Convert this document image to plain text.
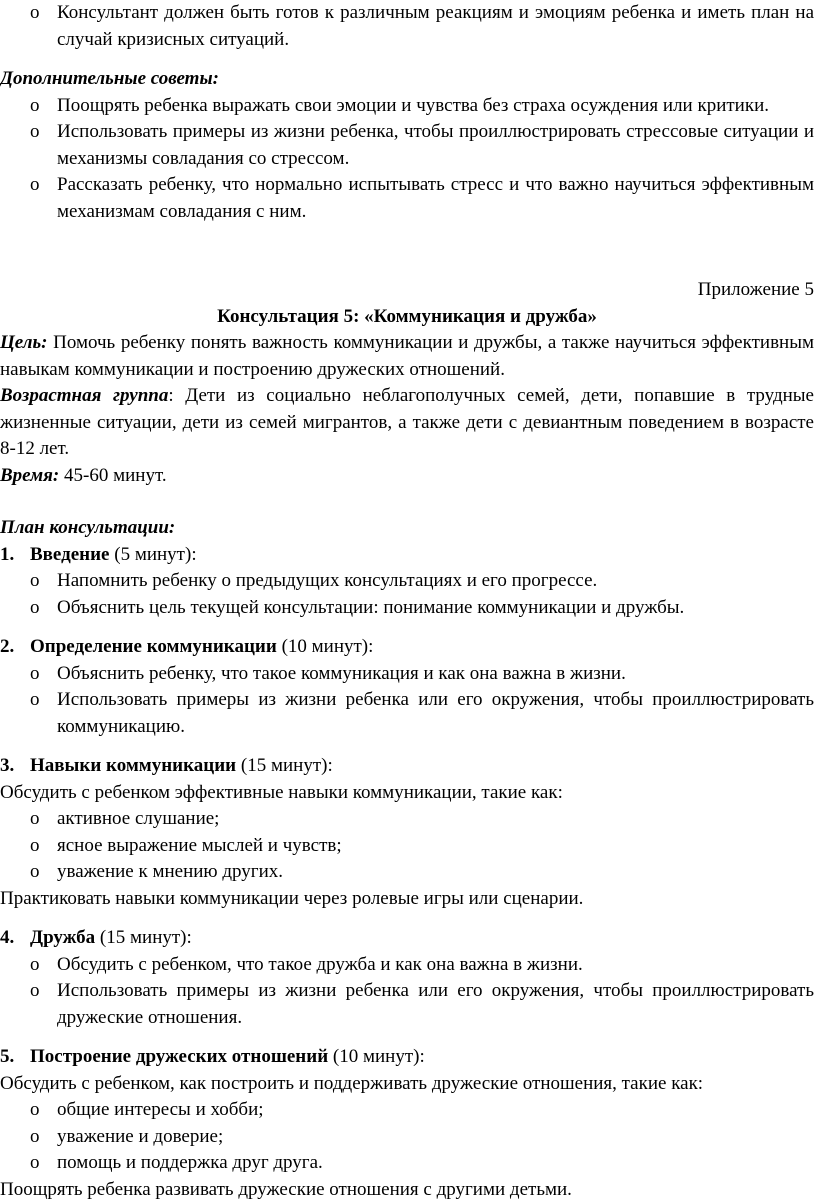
o Консультант должен быть готов к различным реакциям и эмоциям ребенка и иметь план на случай кризисных ситуаций.
Дополнительные советы:
o Поощрять ребенка выражать свои эмоции и чувства без страха осуждения или критики.
o Использовать примеры из жизни ребенка, чтобы проиллюстрировать стрессовые ситуации и механизмы совладания со стрессом.
o Рассказать ребенку, что нормально испытывать стресс и что важно научиться эффективным механизмам совладания с ним.
Приложение 5
Консультация 5: «Коммуникация и дружба»
Цель: Помочь ребенку понять важность коммуникации и дружбы, а также научиться эффективным навыкам коммуникации и построению дружеских отношений.
Возрастная группа: Дети из социально неблагополучных семей, дети, попавшие в трудные жизненные ситуации, дети из семей мигрантов, а также дети с девиантным поведением в возрасте 8-12 лет.
Время: 45-60 минут.
План консультации:
1. Введение (5 минут):
o Напомнить ребенку о предыдущих консультациях и его прогрессе.
o Объяснить цель текущей консультации: понимание коммуникации и дружбы.
2. Определение коммуникации (10 минут):
o Объяснить ребенку, что такое коммуникация и как она важна в жизни.
o Использовать примеры из жизни ребенка или его окружения, чтобы проиллюстрировать коммуникацию.
3. Навыки коммуникации (15 минут):
Обсудить с ребенком эффективные навыки коммуникации, такие как:
o активное слушание;
o ясное выражение мыслей и чувств;
o уважение к мнению других.
Практиковать навыки коммуникации через ролевые игры или сценарии.
4. Дружба (15 минут):
o Обсудить с ребенком, что такое дружба и как она важна в жизни.
o Использовать примеры из жизни ребенка или его окружения, чтобы проиллюстрировать дружеские отношения.
5. Построение дружеских отношений (10 минут):
Обсудить с ребенком, как построить и поддерживать дружеские отношения, такие как:
o общие интересы и хобби;
o уважение и доверие;
o помощь и поддержка друг друга.
Поощрять ребенка развивать дружеские отношения с другими детьми.
